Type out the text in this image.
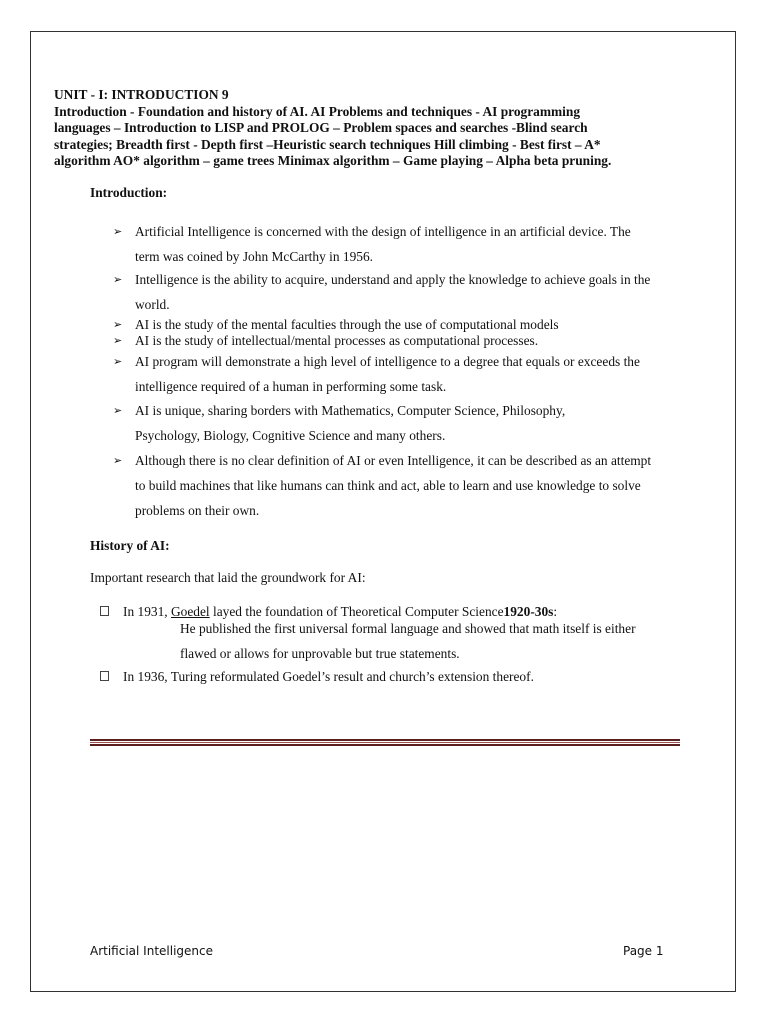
UNIT - I: INTRODUCTION 9
Introduction - Foundation and history of AI. AI Problems and techniques - AI programming languages – Introduction to LISP and PROLOG – Problem spaces and searches -Blind search strategies; Breadth first - Depth first –Heuristic search techniques Hill climbing - Best first – A* algorithm AO* algorithm – game trees Minimax algorithm – Game playing – Alpha beta pruning.

Introduction:

➢ Artificial Intelligence is concerned with the design of intelligence in an artificial device. The
term was coined by John McCarthy in 1956.
➢ Intelligence is the ability to acquire, understand and apply the knowledge to achieve goals in the
world.
➢ AI is the study of the mental faculties through the use of computational models
➢ AI is the study of intellectual/mental processes as computational processes.
➢ AI program will demonstrate a high level of intelligence to a degree that equals or exceeds the
intelligence required of a human in performing some task.
➢ AI is unique, sharing borders with Mathematics, Computer Science, Philosophy,
Psychology, Biology, Cognitive Science and many others.
➢ Although there is no clear definition of AI or even Intelligence, it can be described as an attempt
to build machines that like humans can think and act, able to learn and use knowledge to solve
problems on their own.

History of AI:

Important research that laid the groundwork for AI:

In 1931, Goedel layed the foundation of Theoretical Computer Science1920-30s:
He published the first universal formal language and showed that math itself is either
flawed or allows for unprovable but true statements.
In 1936, Turing reformulated Goedel’s result and church’s extension thereof.
Artificial Intelligence	Page 1
